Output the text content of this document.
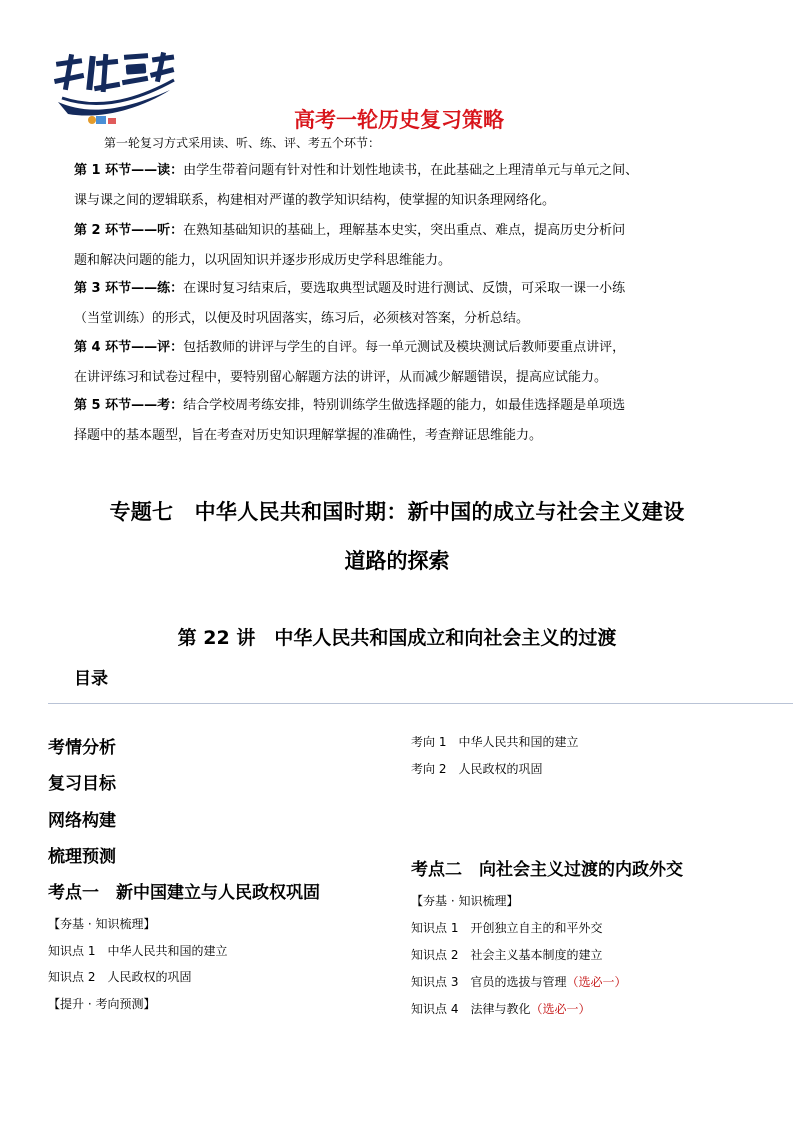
高考一轮历史复习策略
第一轮复习方式采用读、听、练、评、考五个环节：
第 1 环节——读：由学生带着问题有针对性和计划性地读书，在此基础之上理清单元与单元之间、
课与课之间的逻辑联系，构建相对严谨的教学知识结构，使掌握的知识条理网络化。
第 2 环节——听：在熟知基础知识的基础上，理解基本史实，突出重点、难点，提高历史分析问
题和解决问题的能力，以巩固知识并逐步形成历史学科思维能力。
第 3 环节——练：在课时复习结束后，要选取典型试题及时进行测试、反馈，可采取一课一小练
（当堂训练）的形式，以便及时巩固落实，练习后，必须核对答案，分析总结。
第 4 环节——评：包括教师的讲评与学生的自评。每一单元测试及模块测试后教师要重点讲评，
在讲评练习和试卷过程中，要特别留心解题方法的讲评，从而减少解题错误，提高应试能力。
第 5 环节——考：结合学校周考练安排，特别训练学生做选择题的能力，如最佳选择题是单项选
择题中的基本题型，旨在考查对历史知识理解掌握的准确性，考查辩证思维能力。
专题七　中华人民共和国时期：新中国的成立与社会主义建设
道路的探索
第 22 讲　中华人民共和国成立和向社会主义的过渡
目录
考情分析
复习目标
网络构建
梳理预测
考点一　新中国建立与人民政权巩固
【夯基 · 知识梳理】
知识点 1　中华人民共和国的建立
知识点 2　人民政权的巩固
【提升 · 考向预测】
考向 1　中华人民共和国的建立
考向 2　人民政权的巩固
考点二　向社会主义过渡的内政外交
【夯基 · 知识梳理】
知识点 1　开创独立自主的和平外交
知识点 2　社会主义基本制度的建立
知识点 3　官员的选拔与管理（选必一）
知识点 4　法律与教化（选必一）
